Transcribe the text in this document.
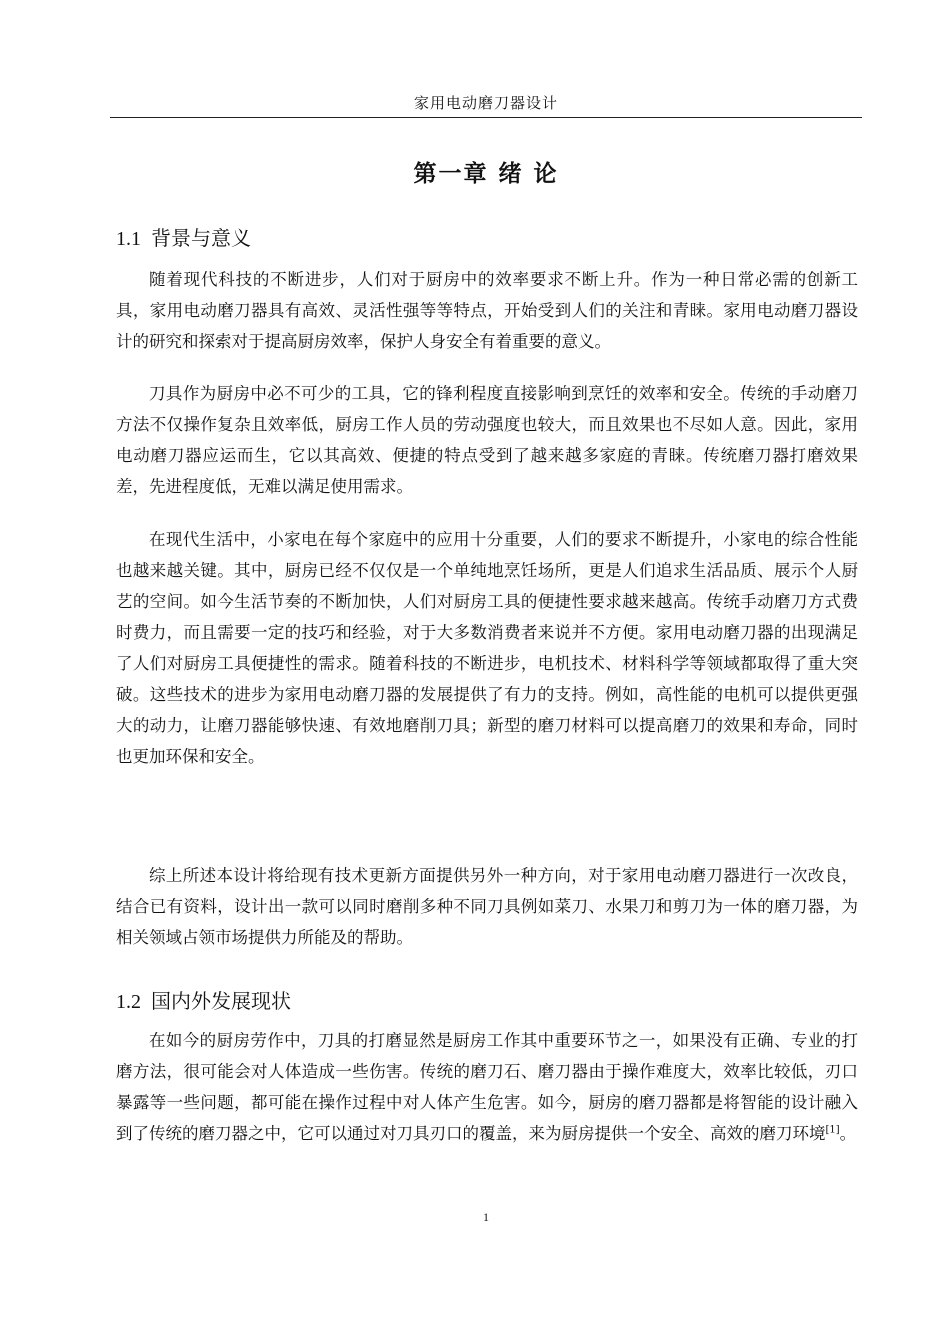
家用电动磨刀器设计
第一章 绪 论
1.1 背景与意义

随着现代科技的不断进步，人们对于厨房中的效率要求不断上升。作为一种日常必需的创新工具，家用电动磨刀器具有高效、灵活性强等等特点，开始受到人们的关注和青睐。家用电动磨刀器设计的研究和探索对于提高厨房效率，保护人身安全有着重要的意义。

刀具作为厨房中必不可少的工具，它的锋利程度直接影响到烹饪的效率和安全。传统的手动磨刀方法不仅操作复杂且效率低，厨房工作人员的劳动强度也较大，而且效果也不尽如人意。因此，家用电动磨刀器应运而生，它以其高效、便捷的特点受到了越来越多家庭的青睐。传统磨刀器打磨效果差，先进程度低，无难以满足使用需求。

在现代生活中，小家电在每个家庭中的应用十分重要，人们的要求不断提升，小家电的综合性能也越来越关键。其中，厨房已经不仅仅是一个单纯地烹饪场所，更是人们追求生活品质、展示个人厨艺的空间。如今生活节奏的不断加快，人们对厨房工具的便捷性要求越来越高。传统手动磨刀方式费时费力，而且需要一定的技巧和经验，对于大多数消费者来说并不方便。家用电动磨刀器的出现满足了人们对厨房工具便捷性的需求。随着科技的不断进步，电机技术、材料科学等领域都取得了重大突破。这些技术的进步为家用电动磨刀器的发展提供了有力的支持。例如，高性能的电机可以提供更强大的动力，让磨刀器能够快速、有效地磨削刀具；新型的磨刀材料可以提高磨刀的效果和寿命，同时也更加环保和安全。

综上所述本设计将给现有技术更新方面提供另外一种方向，对于家用电动磨刀器进行一次改良，结合已有资料，设计出一款可以同时磨削多种不同刀具例如菜刀、水果刀和剪刀为一体的磨刀器，为相关领域占领市场提供力所能及的帮助。

1.2 国内外发展现状

在如今的厨房劳作中，刀具的打磨显然是厨房工作其中重要环节之一，如果没有正确、专业的打磨方法，很可能会对人体造成一些伤害。传统的磨刀石、磨刀器由于操作难度大，效率比较低，刃口暴露等一些问题，都可能在操作过程中对人体产生危害。如今，厨房的磨刀器都是将智能的设计融入到了传统的磨刀器之中，它可以通过对刀具刃口的覆盖，来为厨房提供一个安全、高效的磨刀环境[1]。

1
